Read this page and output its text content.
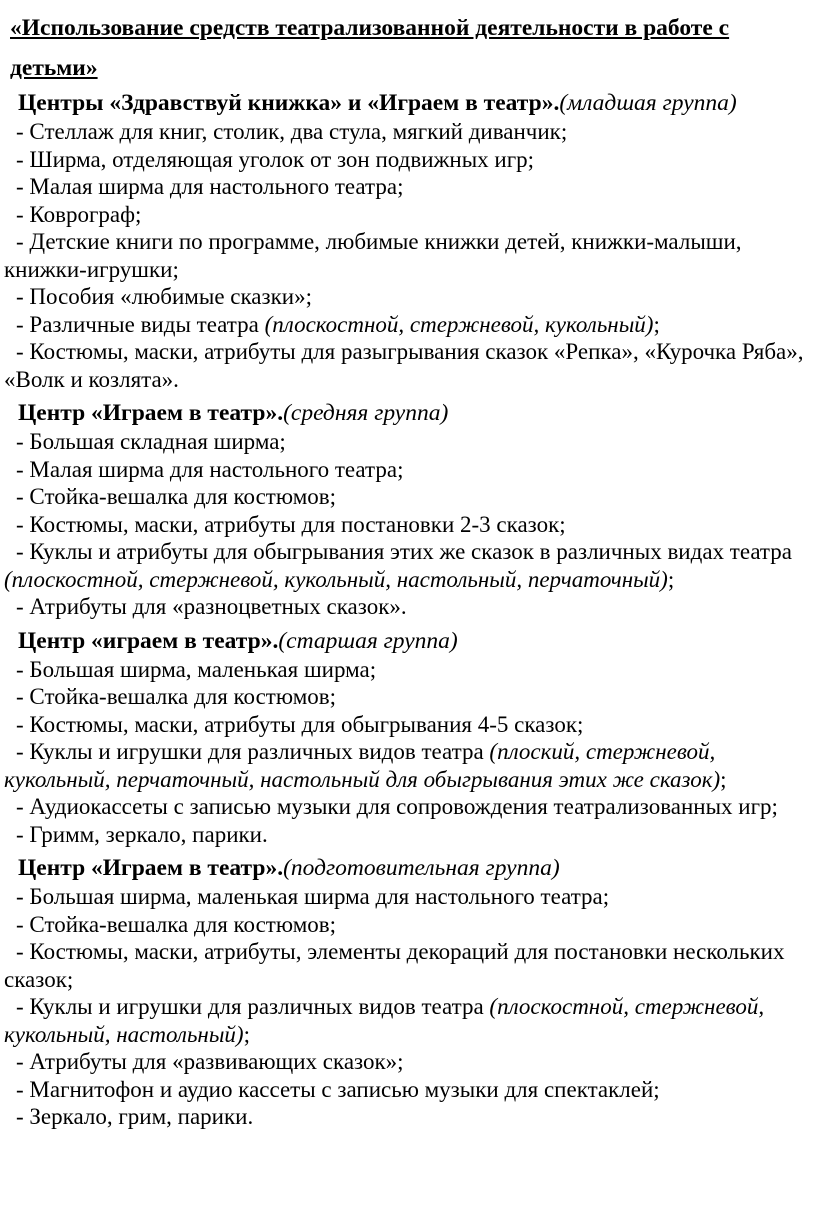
«Использование средств театрализованной деятельности в работе с детьми»
Центры «Здравствуй книжка» и «Играем в театр».(младшая группа)
- Стеллаж для книг, столик, два стула, мягкий диванчик;
- Ширма, отделяющая уголок от зон подвижных игр;
- Малая ширма для настольного театра;
- Коврограф;
- Детские книги по программе, любимые книжки детей, книжки-малыши, книжки-игрушки;
- Пособия «любимые сказки»;
- Различные виды театра (плоскостной, стержневой, кукольный);
- Костюмы, маски, атрибуты для разыгрывания сказок «Репка», «Курочка Ряба», «Волк и козлята».
Центр «Играем в театр».(средняя группа)
- Большая складная ширма;
- Малая ширма для настольного театра;
- Стойка-вешалка для костюмов;
- Костюмы, маски, атрибуты для постановки 2-3 сказок;
- Куклы и атрибуты для обыгрывания этих же сказок в различных видах театра (плоскостной, стержневой, кукольный, настольный, перчаточный);
- Атрибуты для «разноцветных сказок».
Центр «играем в театр».(старшая группа)
- Большая ширма, маленькая ширма;
- Стойка-вешалка для костюмов;
- Костюмы, маски, атрибуты для обыгрывания 4-5 сказок;
- Куклы и игрушки для различных видов театра (плоский, стержневой, кукольный, перчаточный, настольный для обыгрывания этих же сказок);
- Аудиокассеты с записью музыки для сопровождения театрализованных игр;
- Гримм, зеркало, парики.
Центр «Играем в театр».(подготовительная группа)
- Большая ширма, маленькая ширма для настольного театра;
- Стойка-вешалка для костюмов;
- Костюмы, маски, атрибуты, элементы декораций для постановки нескольких сказок;
- Куклы и игрушки для различных видов театра (плоскостной, стержневой, кукольный, настольный);
- Атрибуты для «развивающих сказок»;
- Магнитофон и аудио кассеты с записью музыки для спектаклей;
- Зеркало, грим, парики.
